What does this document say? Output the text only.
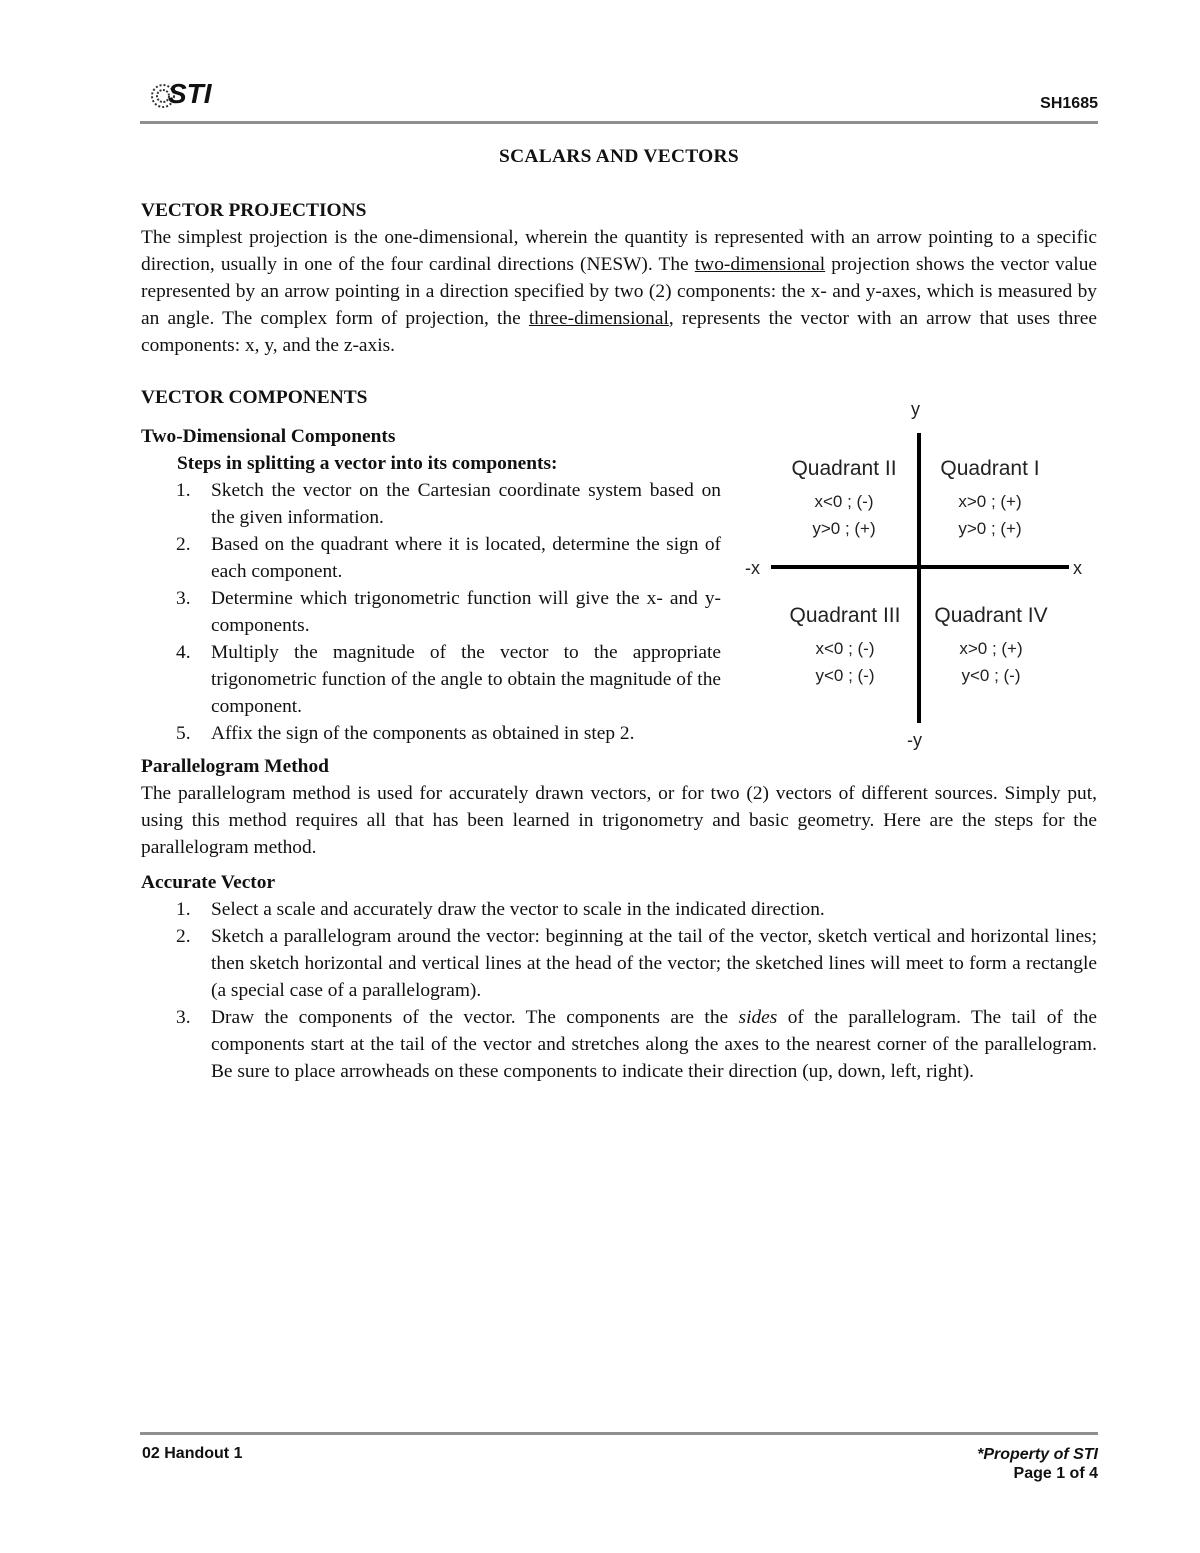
STI	SH1685
SCALARS AND VECTORS
VECTOR PROJECTIONS

The simplest projection is the one-dimensional, wherein the quantity is represented with an arrow pointing to a specific direction, usually in one of the four cardinal directions (NESW). The two-dimensional projection shows the vector value represented by an arrow pointing in a direction specified by two (2) components: the x- and y-axes, which is measured by an angle. The complex form of projection, the three-dimensional, represents the vector with an arrow that uses three components: x, y, and the z-axis.

VECTOR COMPONENTS
Two-Dimensional Components
Steps in splitting a vector into its components:
1. Sketch the vector on the Cartesian coordinate system based on the given information.
2. Based on the quadrant where it is located, determine the sign of each component.
3. Determine which trigonometric function will give the x- and y-components.
4. Multiply the magnitude of the vector to the appropriate trigonometric function of the angle to obtain the magnitude of the component.
5. Affix the sign of the components as obtained in step 2.
y
-y
x
-x
Quadrant II
x<0 ; (-)
y>0 ; (+)
Quadrant I
x>0 ; (+)
y>0 ; (+)
Quadrant III
x<0 ; (-)
y<0 ; (-)
Quadrant IV
x>0 ; (+)
y<0 ; (-)
Parallelogram Method

The parallelogram method is used for accurately drawn vectors, or for two (2) vectors of different sources. Simply put, using this method requires all that has been learned in trigonometry and basic geometry. Here are the steps for the parallelogram method.

Accurate Vector
1. Select a scale and accurately draw the vector to scale in the indicated direction.
2. Sketch a parallelogram around the vector: beginning at the tail of the vector, sketch vertical and horizontal lines; then sketch horizontal and vertical lines at the head of the vector; the sketched lines will meet to form a rectangle (a special case of a parallelogram).
3. Draw the components of the vector. The components are the sides of the parallelogram. The tail of the components start at the tail of the vector and stretches along the axes to the nearest corner of the parallelogram. Be sure to place arrowheads on these components to indicate their direction (up, down, left, right).
02 Handout 1	*Property of STI
Page 1 of 4
